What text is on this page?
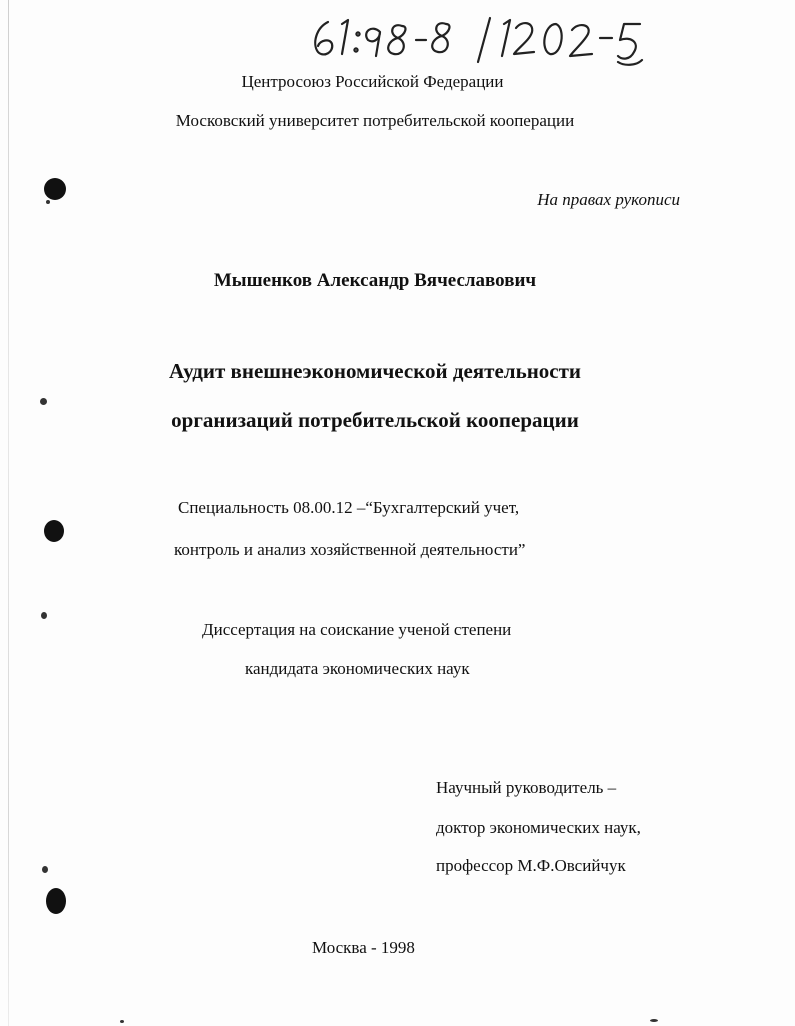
Центросоюз Российской Федерации

Московский университет потребительской кооперации

На правах рукописи

Мышенков Александр Вячеславович

Аудит внешнеэкономической деятельности

организаций потребительской кооперации

Специальность 08.00.12 –“Бухгалтерский учет,

контроль и анализ хозяйственной деятельности”

Диссертация на соискание ученой степени

кандидата экономических наук

Научный руководитель –

доктор экономических наук,

профессор М.Ф.Овсийчук

Москва - 1998
